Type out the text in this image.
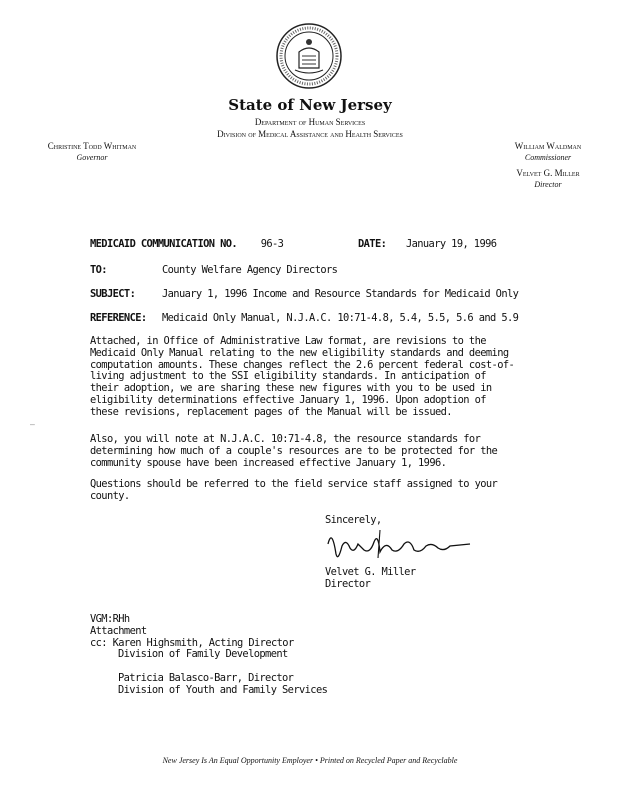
State of New Jersey
Department of Human Services
Division of Medical Assistance and Health Services
Christine Todd Whitman
Governor
William Waldman
Commissioner
Velvet G. Miller
Director
MEDICAID COMMUNICATION NO. 96-3	DATE: January 19, 1996
TO:	County Welfare Agency Directors
SUBJECT:	January 1, 1996 Income and Resource Standards for Medicaid Only
REFERENCE: Medicaid Only Manual, N.J.A.C. 10:71-4.8, 5.4, 5.5, 5.6 and 5.9
Attached, in Office of Administrative Law format, are revisions to the
Medicaid Only Manual relating to the new eligibility standards and deeming
computation amounts. These changes reflect the 2.6 percent federal cost-of-
living adjustment to the SSI eligibility standards. In anticipation of
their adoption, we are sharing these new figures with you to be used in
eligibility determinations effective January 1, 1996. Upon adoption of
these revisions, replacement pages of the Manual will be issued.
—
Also, you will note at N.J.A.C. 10:71-4.8, the resource standards for
determining how much of a couple's resources are to be protected for the
community spouse have been increased effective January 1, 1996.
Questions should be referred to the field service staff assigned to your
county.
Sincerely,
Velvet G. Miller
Director
VGM:RHh
Attachment
cc: Karen Highsmith, Acting Director
Division of Family Development
Patricia Balasco-Barr, Director
Division of Youth and Family Services
New Jersey Is An Equal Opportunity Employer • Printed on Recycled Paper and Recyclable
